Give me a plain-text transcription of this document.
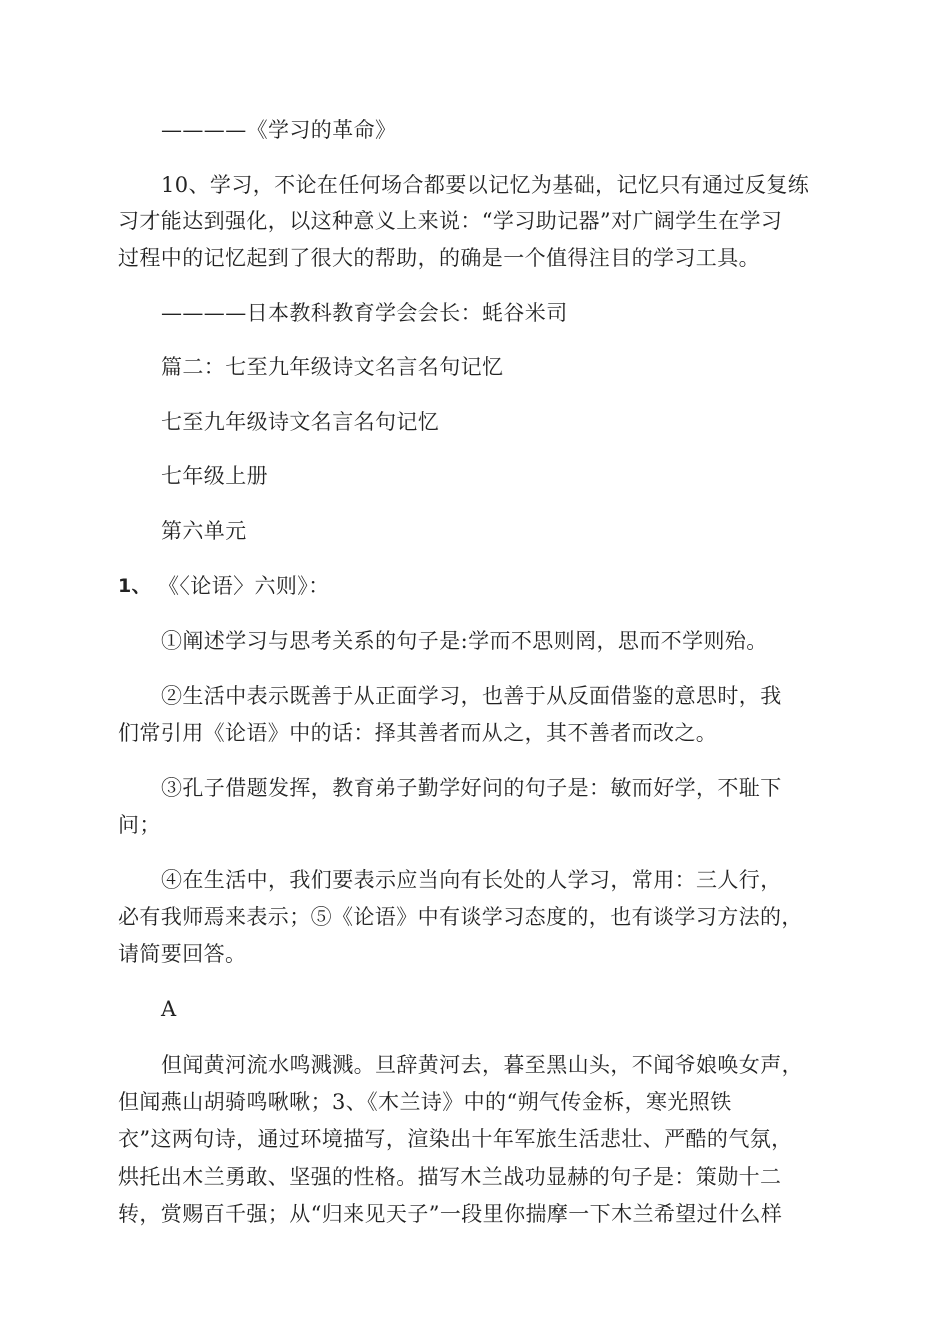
————《学习的革命》
10、学习，不论在任何场合都要以记忆为基础，记忆只有通过反复练
习才能达到强化，以这种意义上来说：“学习助记器”对广阔学生在学习
过程中的记忆起到了很大的帮助，的确是一个值得注目的学习工具。
————日本教科教育学会会长：蚝谷米司
篇二：七至九年级诗文名言名句记忆
七至九年级诗文名言名句记忆
七年级上册
第六单元
1、 《〈论语〉六则》：
①阐述学习与思考关系的句子是:学而不思则罔，思而不学则殆。
②生活中表示既善于从正面学习，也善于从反面借鉴的意思时，我
们常引用《论语》中的话：择其善者而从之，其不善者而改之。
③孔子借题发挥，教育弟子勤学好问的句子是：敏而好学，不耻下
问；
④在生活中，我们要表示应当向有长处的人学习，常用：三人行，
必有我师焉来表示；⑤《论语》中有谈学习态度的，也有谈学习方法的，
请简要回答。
A
但闻黄河流水鸣溅溅。旦辞黄河去，暮至黑山头，不闻爷娘唤女声，
但闻燕山胡骑鸣啾啾；3、《木兰诗》中的“朔气传金柝，寒光照铁
衣”这两句诗，通过环境描写，渲染出十年军旅生活悲壮、严酷的气氛，
烘托出木兰勇敢、坚强的性格。描写木兰战功显赫的句子是：策勋十二
转，赏赐百千强；从“归来见天子”一段里你揣摩一下木兰希望过什么样
